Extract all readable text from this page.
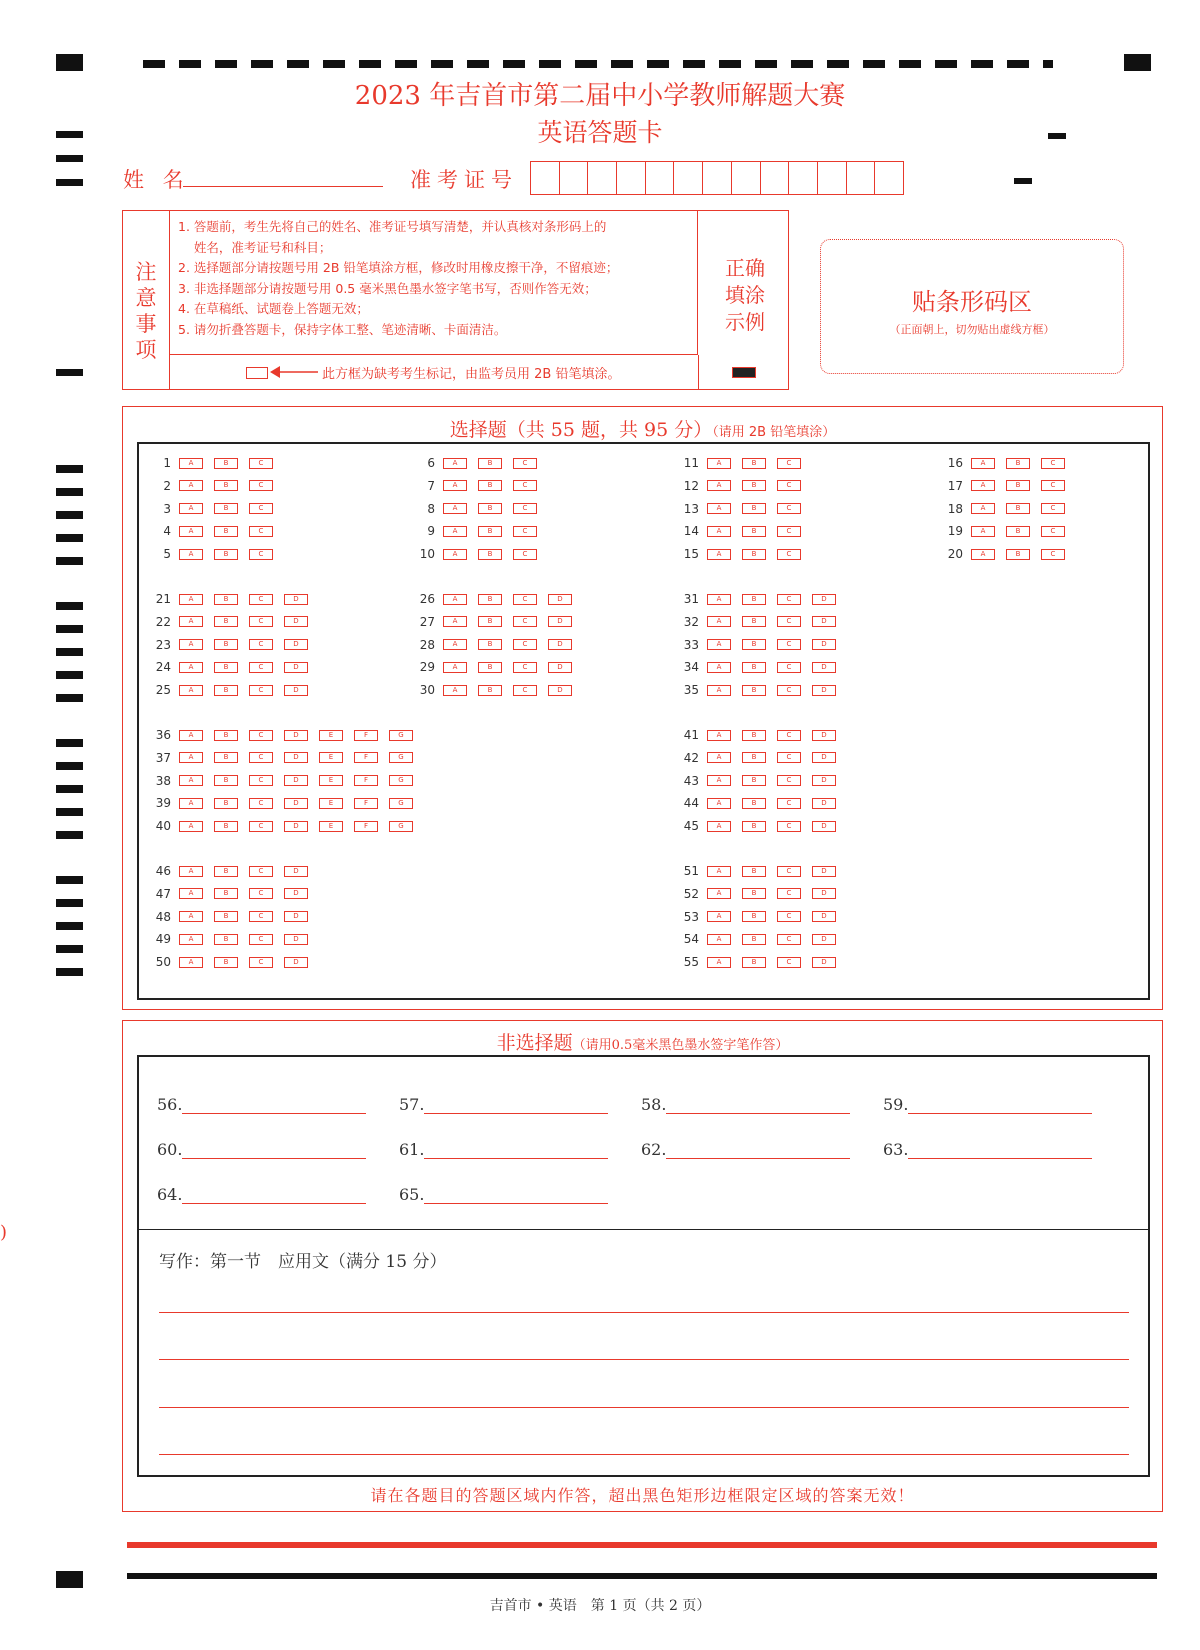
2023 年吉首市第二届中小学教师解题大赛
英语答题卡
姓 名	准考证号
注意事项
1. 答题前，考生先将自己的姓名、准考证号填写清楚，并认真核对条形码上的
姓名，准考证号和科目；
2. 选择题部分请按题号用 2B 铅笔填涂方框，修改时用橡皮擦干净，不留痕迹；
3. 非选择题部分请按题号用 0.5 毫米黑色墨水签字笔书写，否则作答无效；
4. 在草稿纸、试题卷上答题无效；
5. 请勿折叠答题卡，保持字体工整、笔迹清晰、卡面清洁。
此方框为缺考考生标记，由监考员用 2B 铅笔填涂。
正确填涂示例
贴条形码区
（正面朝上，切勿贴出虚线方框）
选择题（共 55 题，共 95 分）（请用 2B 铅笔填涂）
1	A	B	C
2	A	B	C
3	A	B	C
4	A	B	C
5	A	B	C
6	A	B	C
7	A	B	C
8	A	B	C
9	A	B	C
10	A	B	C
11	A	B	C
12	A	B	C
13	A	B	C
14	A	B	C
15	A	B	C
16	A	B	C
17	A	B	C
18	A	B	C
19	A	B	C
20	A	B	C
21	A	B	C	D
22	A	B	C	D
23	A	B	C	D
24	A	B	C	D
25	A	B	C	D
26	A	B	C	D
27	A	B	C	D
28	A	B	C	D
29	A	B	C	D
30	A	B	C	D
31	A	B	C	D
32	A	B	C	D
33	A	B	C	D
34	A	B	C	D
35	A	B	C	D
36	A	B	C	D	E	F	G
37	A	B	C	D	E	F	G
38	A	B	C	D	E	F	G
39	A	B	C	D	E	F	G
40	A	B	C	D	E	F	G
41	A	B	C	D
42	A	B	C	D
43	A	B	C	D
44	A	B	C	D
45	A	B	C	D
46	A	B	C	D
47	A	B	C	D
48	A	B	C	D
49	A	B	C	D
50	A	B	C	D
51	A	B	C	D
52	A	B	C	D
53	A	B	C	D
54	A	B	C	D
55	A	B	C	D
非选择题（请用0.5毫米黑色墨水签字笔作答）
56.	57.	58.	59.
60.	61.	62.	63.
64.	65.
写作：第一节　应用文（满分 15 分）
请在各题目的答题区域内作答，超出黑色矩形边框限定区域的答案无效！
)
吉首市 • 英语　第 1 页（共 2 页）
